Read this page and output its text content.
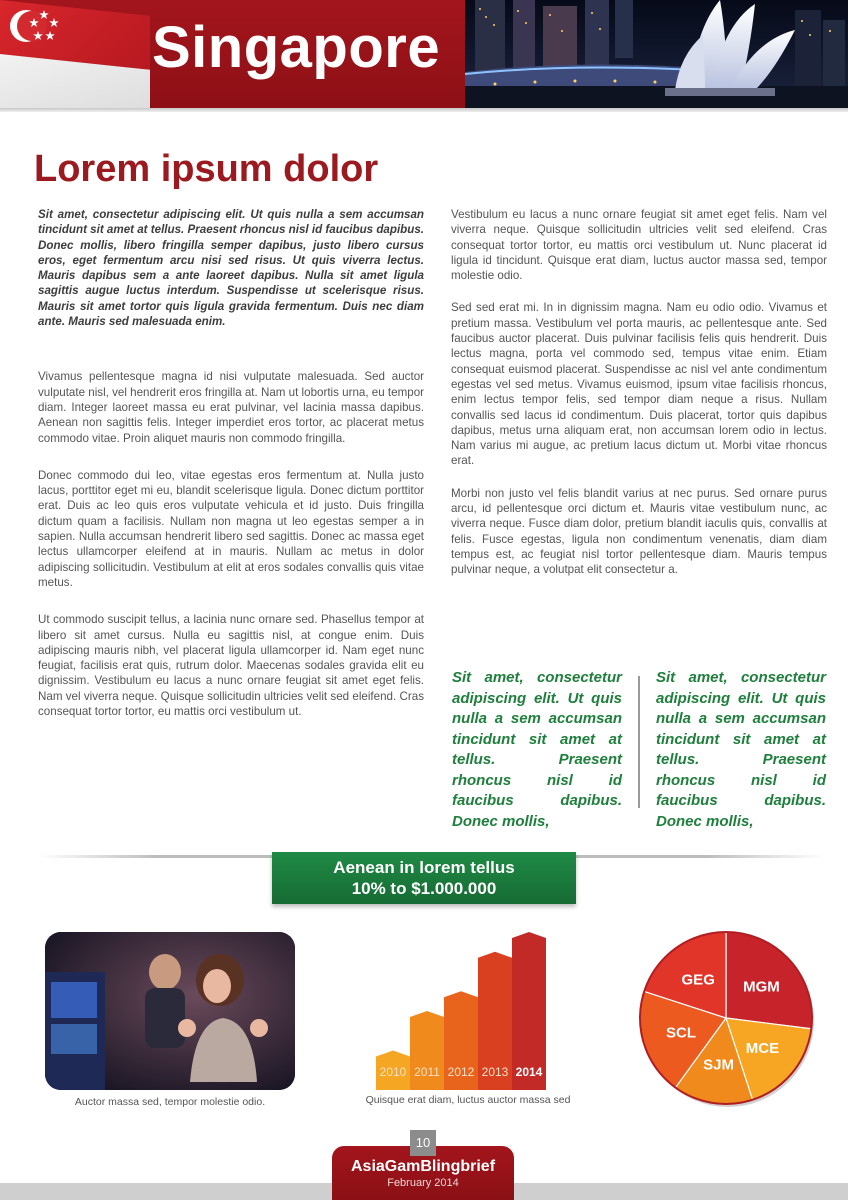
Singapore
Lorem ipsum dolor

Sit amet, consectetur adipiscing elit. Ut quis nulla a sem accumsan tincidunt sit amet at tellus. Praesent rhoncus nisl id faucibus dapibus. Donec mollis, libero fringilla semper dapibus, justo libero cursus eros, eget fermentum arcu nisi sed risus. Ut quis viverra lectus. Mauris dapibus sem a ante laoreet dapibus. Nulla sit amet ligula sagittis augue luctus interdum. Suspendisse ut scelerisque risus. Mauris sit amet tortor quis ligula gravida fermentum. Duis nec diam ante. Mauris sed malesuada enim.

Vivamus pellentesque magna id nisi vulputate malesuada. Sed auctor vulputate nisl, vel hendrerit eros fringilla at. Nam ut lobortis urna, eu tempor diam. Integer laoreet massa eu erat pulvinar, vel lacinia massa dapibus. Aenean non sagittis felis. Integer imperdiet eros tortor, ac placerat metus commodo vitae. Proin aliquet mauris non commodo fringilla.

Donec commodo dui leo, vitae egestas eros fermentum at. Nulla justo lacus, porttitor eget mi eu, blandit scelerisque ligula. Donec dictum porttitor erat. Duis ac leo quis eros vulputate vehicula et id justo. Duis fringilla dictum quam a facilisis. Nullam non magna ut leo egestas semper a in sapien. Nulla accumsan hendrerit libero sed sagittis. Donec ac massa eget lectus ullamcorper eleifend at in mauris. Nullam ac metus in dolor adipiscing sollicitudin. Vestibulum at elit at eros sodales convallis quis vitae metus.

Ut commodo suscipit tellus, a lacinia nunc ornare sed. Phasellus tempor at libero sit amet cursus. Nulla eu sagittis nisl, at congue enim. Duis adipiscing mauris nibh, vel placerat ligula ullamcorper id. Nam eget nunc feugiat, facilisis erat quis, rutrum dolor. Maecenas sodales gravida elit eu dignissim. Vestibulum eu lacus a nunc ornare feugiat sit amet eget felis. Nam vel viverra neque. Quisque sollicitudin ultricies velit sed eleifend. Cras consequat tortor tortor, eu mattis orci vestibulum ut.

Vestibulum eu lacus a nunc ornare feugiat sit amet eget felis. Nam vel viverra neque. Quisque sollicitudin ultricies velit sed eleifend. Cras consequat tortor tortor, eu mattis orci vestibulum ut. Nunc placerat id ligula id tincidunt. Quisque erat diam, luctus auctor massa sed, tempor molestie odio.

Sed sed erat mi. In in dignissim magna. Nam eu odio odio. Vivamus et pretium massa. Vestibulum vel porta mauris, ac pellentesque ante. Sed faucibus auctor placerat. Duis pulvinar facilisis felis quis hendrerit. Duis lectus magna, porta vel commodo sed, tempus vitae enim. Etiam consequat euismod placerat. Suspendisse ac nisl vel ante condimentum egestas vel sed metus. Vivamus euismod, ipsum vitae facilisis rhoncus, enim lectus tempor felis, sed tempor diam neque a risus. Nullam convallis sed lacus id condimentum. Duis placerat, tortor quis dapibus dapibus, metus urna aliquam erat, non accumsan lorem odio in lectus. Nam varius mi augue, ac pretium lacus dictum ut. Morbi vitae rhoncus erat.

Morbi non justo vel felis blandit varius at nec purus. Sed ornare purus arcu, id pellentesque orci dictum et. Mauris vitae vestibulum nunc, ac viverra neque. Fusce diam dolor, pretium blandit iaculis quis, convallis at felis. Fusce egestas, ligula non condimentum venenatis, diam diam tempus est, ac feugiat nisl tortor pellentesque diam. Mauris tempus pulvinar neque, a volutpat elit consectetur a.

Sit amet, consectetur adipiscing elit. Ut quis nulla a sem accumsan tincidunt sit amet at tellus. Praesent rhoncus nisl id faucibus dapibus. Donec mollis,
Sit amet, consectetur adipiscing elit. Ut quis nulla a sem accumsan tincidunt sit amet at tellus. Praesent rhoncus nisl id faucibus dapibus. Donec mollis,
Aenean in lorem tellus
10% to $1.000.000
Auctor massa sed, tempor molestie odio.
2010 2011 2012 2013 2014
Quisque erat diam, luctus auctor massa sed
MGM
MCE
SJM
SCL
GEG
AsiaGamBlingbrief
February 2014
10
